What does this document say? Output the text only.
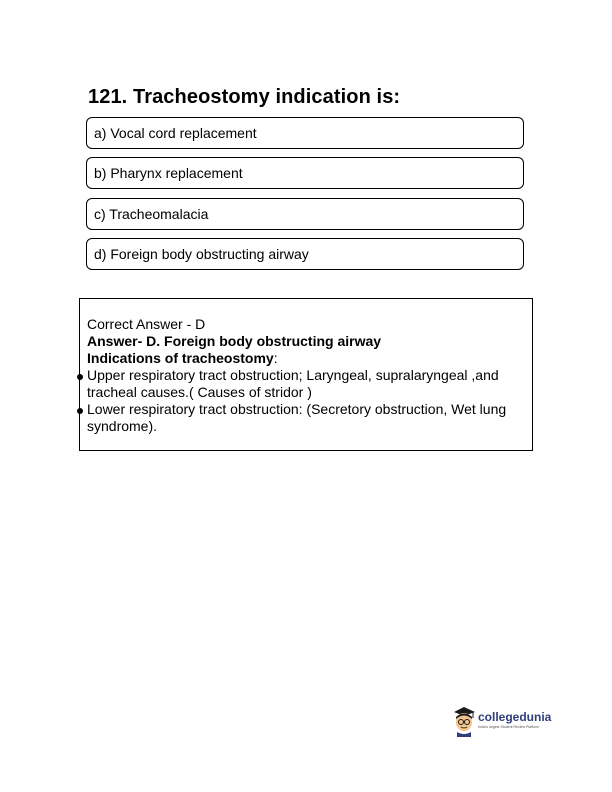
121. Tracheostomy indication is:
a) Vocal cord replacement
b) Pharynx replacement
c) Tracheomalacia
d) Foreign body obstructing airway

Correct Answer - D

Answer- D. Foreign body obstructing airway

Indications of tracheostomy:

Upper respiratory tract obstruction; Laryngeal, supralaryngeal ,and tracheal causes.( Causes of stridor )

Lower respiratory tract obstruction: (Secretory obstruction, Wet lung syndrome).

collegedunia
India's largest Student Review Platform
